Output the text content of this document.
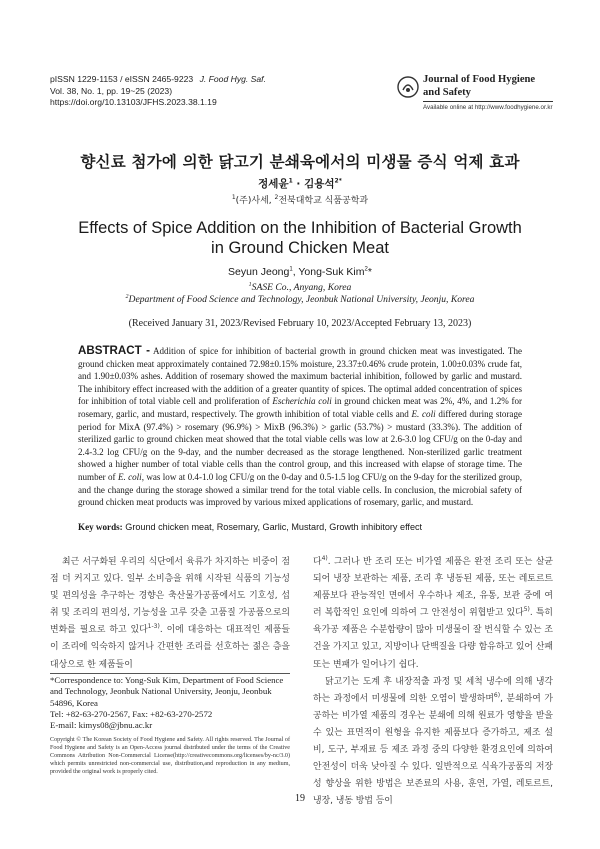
pISSN 1229-1153 / eISSN 2465-9223 J. Food Hyg. Saf.
Vol. 38, No. 1, pp. 19~25 (2023)
https://doi.org/10.13103/JFHS.2023.38.1.19
Journal of Food Hygiene
and Safety
Available online at http://www.foodhygiene.or.kr
향신료 첨가에 의한 닭고기 분쇄육에서의 미생물 증식 억제 효과
정세윤$^1$ · 김용석$^{2*}$
$^1$(주)사세, $^2$전북대학교 식품공학과
Effects of Spice Addition on the Inhibition of Bacterial Growth
in Ground Chicken Meat
Seyun Jeong$^1$, Yong-Suk Kim$^2$*
$^1$SASE Co., Anyang, Korea
$^2$Department of Food Science and Technology, Jeonbuk National University, Jeonju, Korea
(Received January 31, 2023/Revised February 10, 2023/Accepted February 13, 2023)
ABSTRACT - Addition of spice for inhibition of bacterial growth in ground chicken meat was investigated. The ground chicken meat approximately contained 72.98±0.15% moisture, 23.37±0.46% crude protein, 1.00±0.03% crude fat, and 1.90±0.03% ashes. Addition of rosemary showed the maximum bacterial inhibition, followed by garlic and mustard. The inhibitory effect increased with the addition of a greater quantity of spices. The optimal added concentration of spices for inhibition of total viable cell and proliferation of Escherichia coli in ground chicken meat was 2%, 4%, and 1.2% for rosemary, garlic, and mustard, respectively. The growth inhibition of total viable cells and E. coli differed during storage period for MixA (97.4%) > rosemary (96.9%) > MixB (96.3%) > garlic (53.7%) > mustard (33.3%). The addition of sterilized garlic to ground chicken meat showed that the total viable cells was low at 2.6-3.0 log CFU/g on the 0-day and 2.4-3.2 log CFU/g on the 9-day, and the number decreased as the storage lengthened. Non-sterilized garlic treatment showed a higher number of total viable cells than the control group, and this increased with elapse of storage time. The number of E. coli, was low at 0.4-1.0 log CFU/g on the 0-day and 0.5-1.5 log CFU/g on the 9-day for the sterilized group, and the change during the storage showed a similar trend for the total viable cells. In conclusion, the microbial safety of ground chicken meat products was improved by various mixed applications of rosemary, garlic, and mustard.
Key words: Ground chicken meat, Rosemary, Garlic, Mustard, Growth inhibitory effect

최근 서구화된 우리의 식단에서 육류가 차지하는 비중이 점점 더 커지고 있다. 일부 소비층을 위해 시작된 식품의 기능성 및 편의성을 추구하는 경향은 축산물가공품에서도 기호성, 섭취 및 조리의 편의성, 기능성을 고루 갖춘 고품질 가공품으로의 변화를 필요로 하고 있다$^{1-3)}$. 이에 대응하는 대표적인 제품들이 조리에 익숙하지 않거나 간편한 조리를 선호하는 젊은 층을 대상으로 한 제품들이

*Correspondence to: Yong-Suk Kim, Department of Food Science and Technology, Jeonbuk National University, Jeonju, Jeonbuk 54896, Korea
Tel: +82-63-270-2567, Fax: +82-63-270-2572
E-mail: kimys08@jbnu.ac.kr
Copyright © The Korean Society of Food Hygiene and Safety. All rights reserved. The Journal of Food Hygiene and Safety is an Open-Access journal distributed under the terms of the Creative Commons Attribution Non-Commercial License(http://creativecommons.org/licenses/by-nc/3.0) which permits unrestricted non-commercial use, distribution,and reproduction in any medium, provided the original work is properly cited.

다$^{4)}$. 그러나 반 조리 또는 비가열 제품은 완전 조리 또는 살균되어 냉장 보관하는 제품, 조리 후 냉동된 제품, 또는 레토르트 제품보다 관능적인 면에서 우수하나 제조, 유통, 보관 중에 여러 복합적인 요인에 의하여 그 안전성이 위협받고 있다$^{5)}$. 특히 육가공 제품은 수분함량이 많아 미생물이 잘 번식할 수 있는 조건을 가지고 있고, 지방이나 단백질을 다량 함유하고 있어 산패 또는 변패가 일어나기 쉽다.

닭고기는 도계 후 내장적출 과정 및 세척 냉수에 의해 냉각하는 과정에서 미생물에 의한 오염이 발생하며$^{6)}$, 분쇄하여 가공하는 비가열 제품의 경우는 분쇄에 의해 원료가 영향을 받을 수 있는 표면적이 원형을 유지한 제품보다 증가하고, 제조 설비, 도구, 부재료 등 제조 과정 중의 다양한 환경요인에 의하여 안전성이 더욱 낮아질 수 있다. 일반적으로 식육가공품의 저장성 향상을 위한 방법은 보존료의 사용, 훈연, 가열, 레토르트, 냉장, 냉동 방법 등이

19
